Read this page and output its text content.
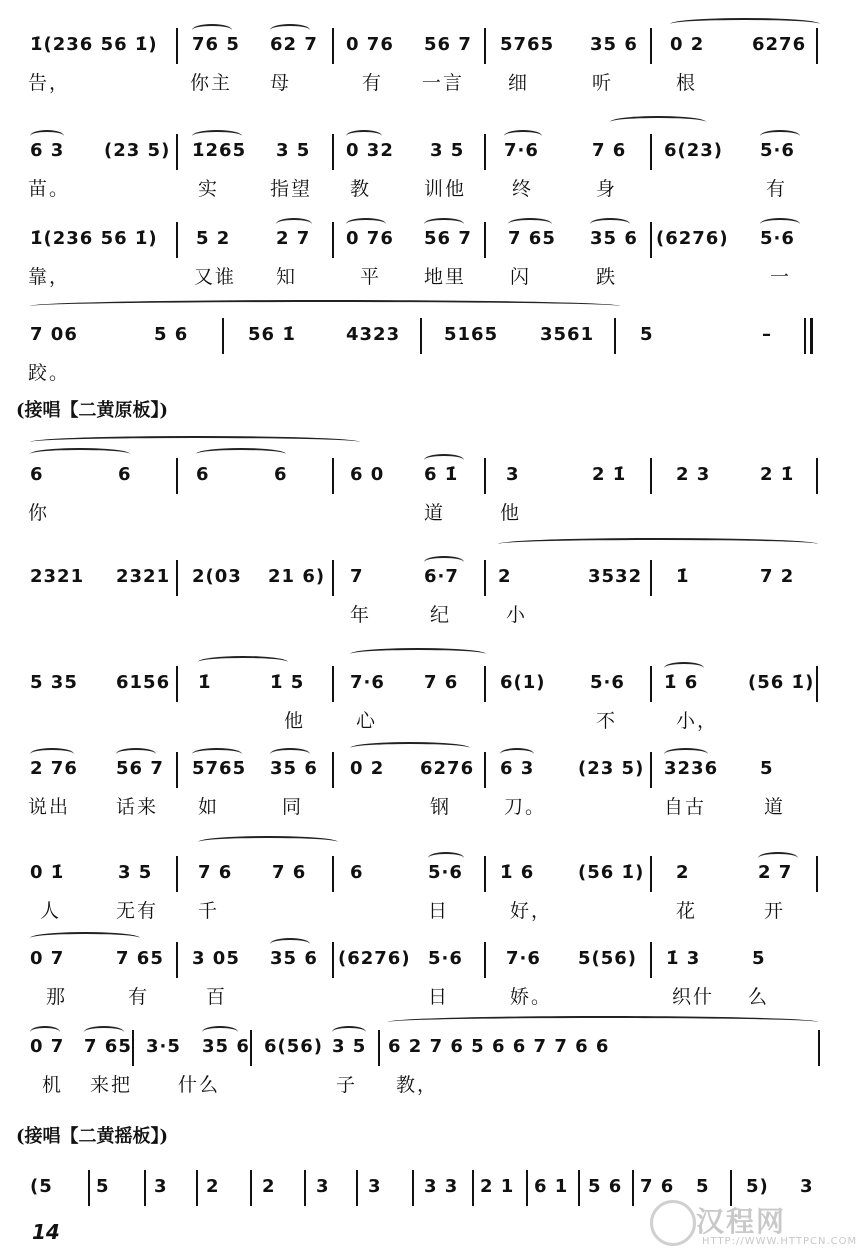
1̇(236 56 1̇) 76 5 62 7 0 76 56 7 5765 35 6 0 2	6276
告，	你主 母	有 一言 细	听	根
6 3 (23 5) 1̇265 3 5 0 32 3 5 7·6	7 6 6(23) 5·6
苗。	实	指望 教	训他 终	身	有
1̇(236 56 1̇) 5 2	2 7 0 76 56 7 7 65 35 6 (6276) 5·6
靠，	又谁 知	平 地里 闪	跌	一
7 06	5 6	56 1̇	4323 5165 3561	5	–
跤。
(接唱【二黄原板】)
6	6	6	6	6 0 6 1̇	3	2 1̇	2 3	2 1̇
你	道	他
2321 2321 2(03 21 6) 7	6·7 2	3532 1̇	7 2
年	纪	小
5 35 6156 1̇	1̇ 5	7·6 7 6 6(1) 5·6 1̇ 6	(56 1̇)
他	心	不	小，
2 76 56 7 5765 35 6 0 2 6276 6 3 (23 5) 3236 5
说出 话来 如	同	钢	刀。	自古	道
0 1̇	3 5	7 6 7 6 6	5·6 1̇ 6 (56 1̇) 2	2 7
人	无有 千	日	好，	花	开
0 7	7 65 3 05 35 6 (6276) 5·6 7·6 5(56) 1̇ 3	5
那	有	百	日	娇。	织什 么
0 7 7 65 3·5 35 6 6(56) 3 5 6 2 7 6 5 6 6 7 7 6 6
机 来把 什么	子 教，
(接唱【二黄摇板】)
(5 5 3 2 2 3 3 3 3 2 1 6 1 5 6 7 6 5 5) 3
14	汉程网
HTTP://WWW.HTTPCN.COM
